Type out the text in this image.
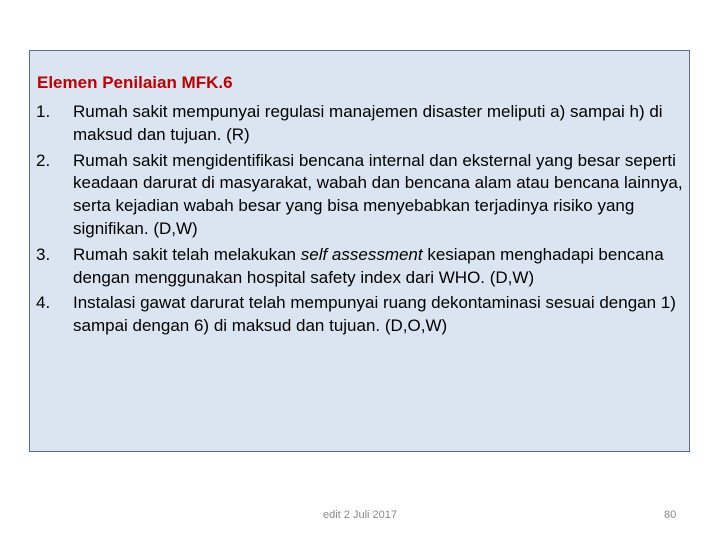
Elemen Penilaian MFK.6
1. Rumah sakit mempunyai regulasi manajemen disaster meliputi a) sampai h) di maksud dan tujuan. (R)
2. Rumah sakit mengidentifikasi bencana internal dan eksternal yang besar seperti keadaan darurat di masyarakat, wabah dan bencana alam atau bencana lainnya, serta kejadian wabah besar yang bisa menyebabkan terjadinya risiko yang signifikan. (D,W)
3. Rumah sakit telah melakukan self assessment kesiapan menghadapi bencana dengan menggunakan hospital safety index dari WHO. (D,W)
4. Instalasi gawat darurat telah mempunyai ruang dekontaminasi sesuai dengan 1) sampai dengan 6) di maksud dan tujuan. (D,O,W)
edit 2 Juli 2017	80
